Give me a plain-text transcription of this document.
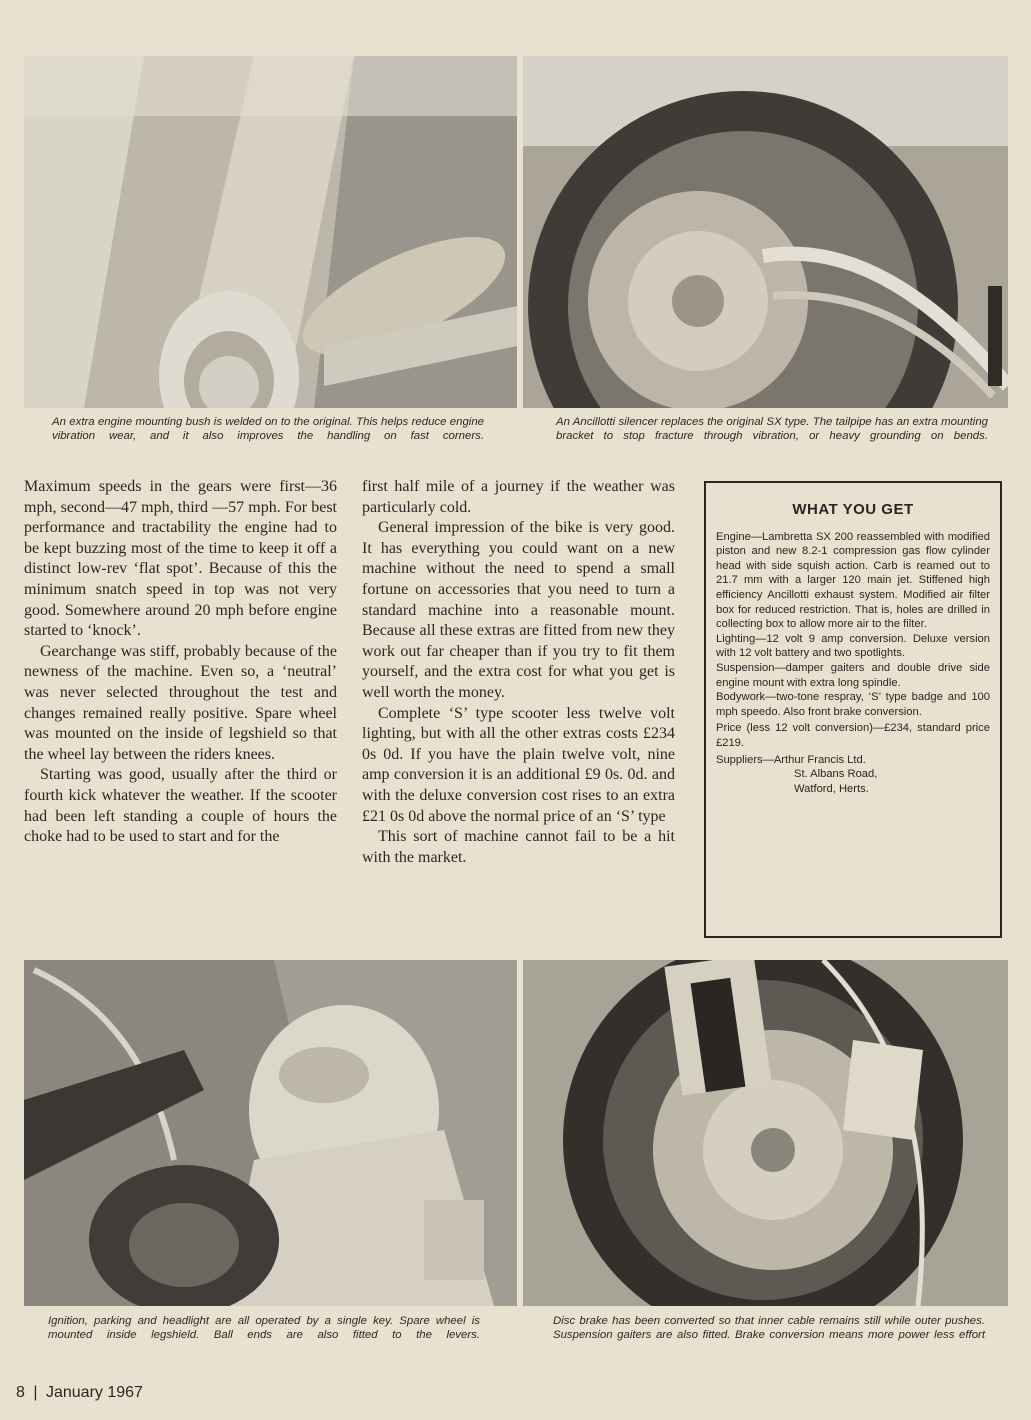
An extra engine mounting bush is welded on to the original. This helps reduce engine vibration wear, and it also improves the handling on fast corners.
An Ancillotti silencer replaces the original SX type. The tailpipe has an extra mounting bracket to stop fracture through vibration, or heavy grounding on bends.

Maximum speeds in the gears were first—36 mph, second—47 mph, third —57 mph. For best performance and tractability the engine had to be kept buzzing most of the time to keep it off a distinct low-rev ‘flat spot’. Because of this the minimum snatch speed in top was not very good. Somewhere around 20 mph before engine started to ‘knock’.

Gearchange was stiff, probably because of the newness of the machine. Even so, a ‘neutral’ was never selected throughout the test and changes remained really positive. Spare wheel was mounted on the inside of legshield so that the wheel lay between the riders knees.

Starting was good, usually after the third or fourth kick whatever the weather. If the scooter had been left standing a couple of hours the choke had to be used to start and for the

first half mile of a journey if the weather was particularly cold.

General impression of the bike is very good. It has everything you could want on a new machine without the need to spend a small fortune on accessories that you need to turn a standard machine into a reasonable mount. Because all these extras are fitted from new they work out far cheaper than if you try to fit them yourself, and the extra cost for what you get is well worth the money.

Complete ‘S’ type scooter less twelve volt lighting, but with all the other extras costs £234 0s 0d. If you have the plain twelve volt, nine amp conversion it is an additional £9 0s. 0d. and with the deluxe conversion cost rises to an extra £21 0s 0d above the normal price of an ‘S’ type

This sort of machine cannot fail to be a hit with the market.

WHAT YOU GET

Engine—Lambretta SX 200 reassembled with modified piston and new 8.2-1 compression gas flow cylinder head with side squish action. Carb is reamed out to 21.7 mm with a larger 120 main jet. Stiffened high efficiency Ancillotti exhaust system. Modified air filter box for reduced restriction. That is, holes are drilled in collecting box to allow more air to the filter.

Lighting—12 volt 9 amp conversion. Deluxe version with 12 volt battery and two spotlights.

Suspension—damper gaiters and double drive side engine mount with extra long spindle.

Bodywork—two-tone respray, ‘S’ type badge and 100 mph speedo. Also front brake conversion.

Price (less 12 volt conversion)—£234, standard price £219.

Suppliers—Arthur Francis Ltd.

St. Albans Road,

Watford, Herts.

Ignition, parking and headlight are all operated by a single key. Spare wheel is mounted inside legshield. Ball ends are also fitted to the levers.
Disc brake has been converted so that inner cable remains still while outer pushes. Suspension gaiters are also fitted. Brake conversion means more power less effort
8 | January 1967
